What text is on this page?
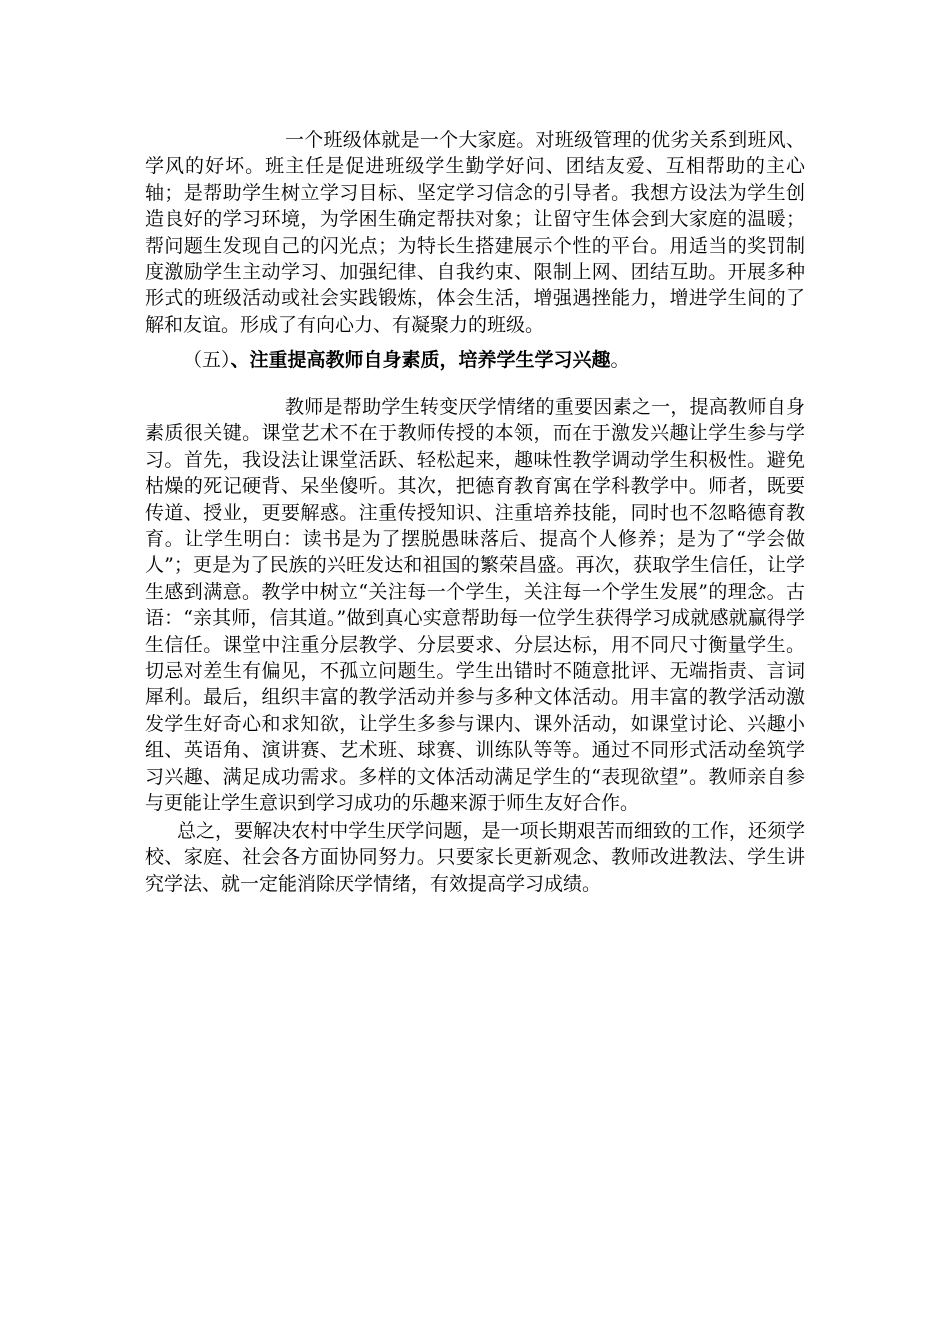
一个班级体就是一个大家庭。对班级管理的优劣关系到班风、学风的好坏。班主任是促进班级学生勤学好问、团结友爱、互相帮助的主心轴；是帮助学生树立学习目标、坚定学习信念的引导者。我想方设法为学生创造良好的学习环境，为学困生确定帮扶对象；让留守生体会到大家庭的温暖；帮问题生发现自己的闪光点；为特长生搭建展示个性的平台。用适当的奖罚制度激励学生主动学习、加强纪律、自我约束、限制上网、团结互助。开展多种形式的班级活动或社会实践锻炼，体会生活，增强遇挫能力，增进学生间的了解和友谊。形成了有向心力、有凝聚力的班级。

（五）、注重提高教师自身素质，培养学生学习兴趣。

教师是帮助学生转变厌学情绪的重要因素之一，提高教师自身素质很关键。课堂艺术不在于教师传授的本领，而在于激发兴趣让学生参与学习。首先，我设法让课堂活跃、轻松起来，趣味性教学调动学生积极性。避免枯燥的死记硬背、呆坐傻听。其次，把德育教育寓在学科教学中。师者，既要传道、授业，更要解惑。注重传授知识、注重培养技能，同时也不忽略德育教育。让学生明白：读书是为了摆脱愚昧落后、提高个人修养；是为了“学会做人”；更是为了民族的兴旺发达和祖国的繁荣昌盛。再次，获取学生信任，让学生感到满意。教学中树立“关注每一个学生，关注每一个学生发展”的理念。古语：“亲其师，信其道。”做到真心实意帮助每一位学生获得学习成就感就赢得学生信任。课堂中注重分层教学、分层要求、分层达标，用不同尺寸衡量学生。切忌对差生有偏见，不孤立问题生。学生出错时不随意批评、无端指责、言词犀利。最后，组织丰富的教学活动并参与多种文体活动。用丰富的教学活动激发学生好奇心和求知欲，让学生多参与课内、课外活动，如课堂讨论、兴趣小组、英语角、演讲赛、艺术班、球赛、训练队等等。通过不同形式活动垒筑学习兴趣、满足成功需求。多样的文体活动满足学生的“表现欲望”。教师亲自参与更能让学生意识到学习成功的乐趣来源于师生友好合作。

总之，要解决农村中学生厌学问题，是一项长期艰苦而细致的工作，还须学校、家庭、社会各方面协同努力。只要家长更新观念、教师改进教法、学生讲究学法、就一定能消除厌学情绪，有效提高学习成绩。
